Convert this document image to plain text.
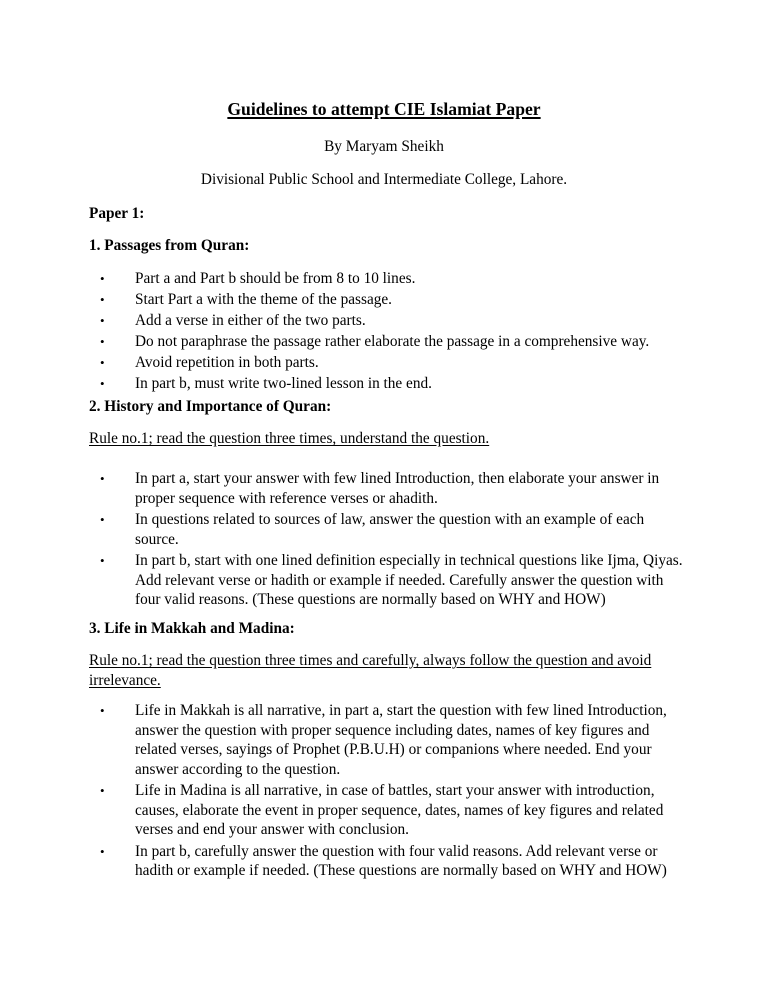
Guidelines to attempt CIE Islamiat Paper

By Maryam Sheikh

Divisional Public School and Intermediate College, Lahore.

Paper 1:

1. Passages from Quran:

• Part a and Part b should be from 8 to 10 lines.
• Start Part a with the theme of the passage.
• Add a verse in either of the two parts.
• Do not paraphrase the passage rather elaborate the passage in a comprehensive way.
• Avoid repetition in both parts.
• In part b, must write two-lined lesson in the end.

2. History and Importance of Quran:

Rule no.1; read the question three times, understand the question.

• In part a, start your answer with few lined Introduction, then elaborate your answer in proper sequence with reference verses or ahadith.
• In questions related to sources of law, answer the question with an example of each source.
• In part b, start with one lined definition especially in technical questions like Ijma, Qiyas. Add relevant verse or hadith or example if needed. Carefully answer the question with four valid reasons. (These questions are normally based on WHY and HOW)

3. Life in Makkah and Madina:

Rule no.1; read the question three times and carefully, always follow the question and avoid irrelevance.

• Life in Makkah is all narrative, in part a, start the question with few lined Introduction, answer the question with proper sequence including dates, names of key figures and related verses, sayings of Prophet (P.B.U.H) or companions where needed. End your answer according to the question.
• Life in Madina is all narrative, in case of battles, start your answer with introduction, causes, elaborate the event in proper sequence, dates, names of key figures and related verses and end your answer with conclusion.
• In part b, carefully answer the question with four valid reasons. Add relevant verse or hadith or example if needed. (These questions are normally based on WHY and HOW)
